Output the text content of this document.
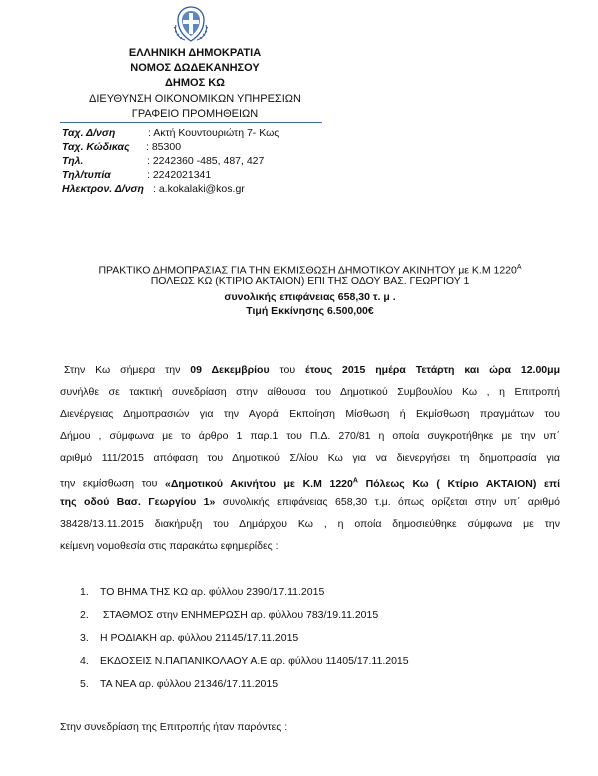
ΕΛΛΗΝΙΚΗ ΔΗΜΟΚΡΑΤΙΑ
ΝΟΜΟΣ ΔΩΔΕΚΑΝΗΣΟΥ
ΔΗΜΟΣ ΚΩ
ΔΙΕΥΘΥΝΣΗ ΟΙΚΟΝΟΜΙΚΩΝ ΥΠΗΡΕΣΙΩΝ
ΓΡΑΦΕΙΟ ΠΡΟΜΗΘΕΙΩΝ
Ταχ. Δ/νση	: Ακτή Κουντουριώτη 7- Κως
Ταχ. Κώδικας : 85300
Τηλ.	: 2242360 -485, 487, 427
Τηλ/τυπία	: 2242021341
Ηλεκτρον. Δ/νση : a.kokalaki@kos.gr
ΠΡΑΚΤΙΚΟ ΔΗΜΟΠΡΑΣΙΑΣ ΓΙΑ ΤΗΝ ΕΚΜΙΣΘΩΣΗ ΔΗΜΟΤΙΚΟΥ ΑΚΙΝΗΤΟΥ με Κ.Μ $1220^A$
ΠΟΛΕΩΣ ΚΩ (ΚΤΙΡΙΟ ΑΚΤΑΙΟΝ) ΕΠΙ ΤΗΣ ΟΔΟΥ ΒΑΣ. ΓΕΩΡΓΙΟΥ 1
συνολικής επιφάνειας 658,30 τ. μ .
Τιμή Εκκίνησης 6.500,00€
Στην Κω σήμερα την 09 Δεκεμβρίου του έτους 2015 ημέρα Τετάρτη και ώρα 12.00μμ
συνήλθε σε τακτική συνεδρίαση στην αίθουσα του Δημοτικού Συμβουλίου Κω , η Επιτροπή
Διενέργειας Δημοπρασιών για την Αγορά Εκποίηση Μίσθωση ή Εκμίσθωση πραγμάτων του
Δήμου , σύμφωνα με το άρθρο 1 παρ.1 του Π.Δ. 270/81 η οποία συγκροτήθηκε με την υπ΄
αριθμό 111/2015 απόφαση του Δημοτικού Σ/λίου Κω για να διενεργήσει τη δημοπρασία για
την εκμίσθωση του «Δημοτικού Ακινήτου με Κ.Μ $1220^A$ Πόλεως Κω ( Κτίριο ΑΚΤΑΙΟΝ) επί
της οδού Βασ. Γεωργίου 1» συνολικής επιφάνειας 658,30 τ.μ. όπως ορίζεται στην υπ΄ αριθμό
38428/13.11.2015 διακήρυξη του Δημάρχου Κω , η οποία δημοσιεύθηκε σύμφωνα με την
κείμενη νομοθεσία στις παρακάτω εφημερίδες :
1. ΤΟ ΒΗΜΑ ΤΗΣ ΚΩ αρ. φύλλου 2390/17.11.2015
2. ΣΤΑΘΜΟΣ στην ΕΝΗΜΕΡΩΣΗ αρ. φύλλου 783/19.11.2015
3. Η ΡΟΔΙΑΚΗ αρ. φύλλου 21145/17.11.2015
4. ΕΚΔΟΣΕΙΣ Ν.ΠΑΠΑΝΙΚΟΛΑΟΥ Α.Ε αρ. φύλλου 11405/17.11.2015
5. ΤΑ ΝΕΑ αρ. φύλλου 21346/17.11.2015
Στην συνεδρίαση της Επιτροπής ήταν παρόντες :
